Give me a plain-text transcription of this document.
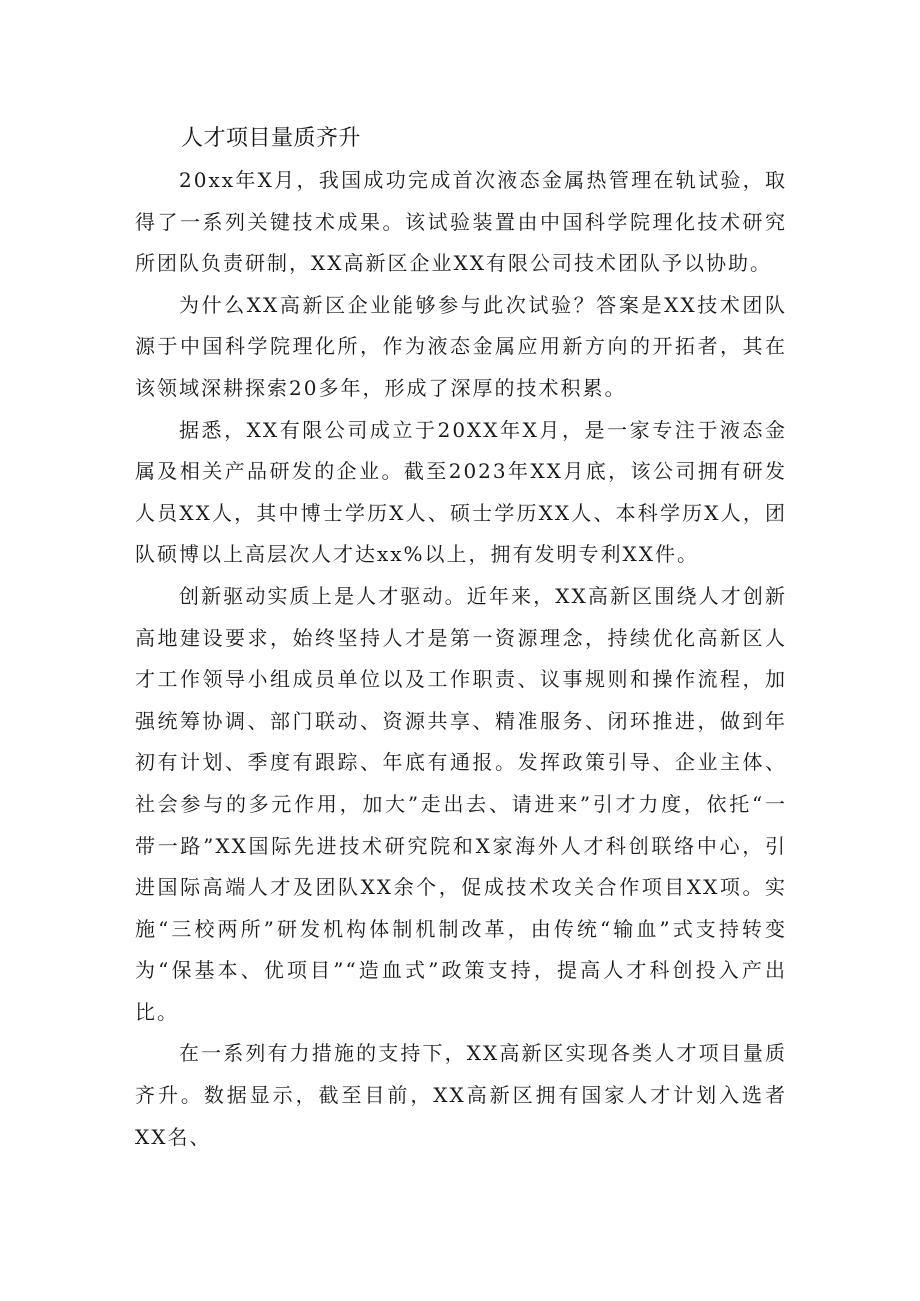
人才项目量质齐升

20xx年X月，我国成功完成首次液态金属热管理在轨试验，取得了一系列关键技术成果。该试验装置由中国科学院理化技术研究所团队负责研制，XX高新区企业XX有限公司技术团队予以协助。

为什么XX高新区企业能够参与此次试验？答案是XX技术团队源于中国科学院理化所，作为液态金属应用新方向的开拓者，其在该领域深耕探索20多年，形成了深厚的技术积累。

据悉，XX有限公司成立于20XX年X月，是一家专注于液态金属及相关产品研发的企业。截至2023年XX月底，该公司拥有研发人员XX人，其中博士学历X人、硕士学历XX人、本科学历X人，团队硕博以上高层次人才达xx%以上，拥有发明专利XX件。

创新驱动实质上是人才驱动。近年来，XX高新区围绕人才创新高地建设要求，始终坚持人才是第一资源理念，持续优化高新区人才工作领导小组成员单位以及工作职责、议事规则和操作流程，加强统筹协调、部门联动、资源共享、精准服务、闭环推进，做到年初有计划、季度有跟踪、年底有通报。发挥政策引导、企业主体、社会参与的多元作用，加大”走出去、请进来”引才力度，依托“一带一路”XX国际先进技术研究院和X家海外人才科创联络中心，引进国际高端人才及团队XX余个，促成技术攻关合作项目XX项。实施“三校两所”研发机构体制机制改革，由传统“输血”式支持转变为“保基本、优项目”“造血式”政策支持，提高人才科创投入产出比。

在一系列有力措施的支持下，XX高新区实现各类人才项目量质齐升。数据显示，截至目前，XX高新区拥有国家人才计划入选者XX名、
